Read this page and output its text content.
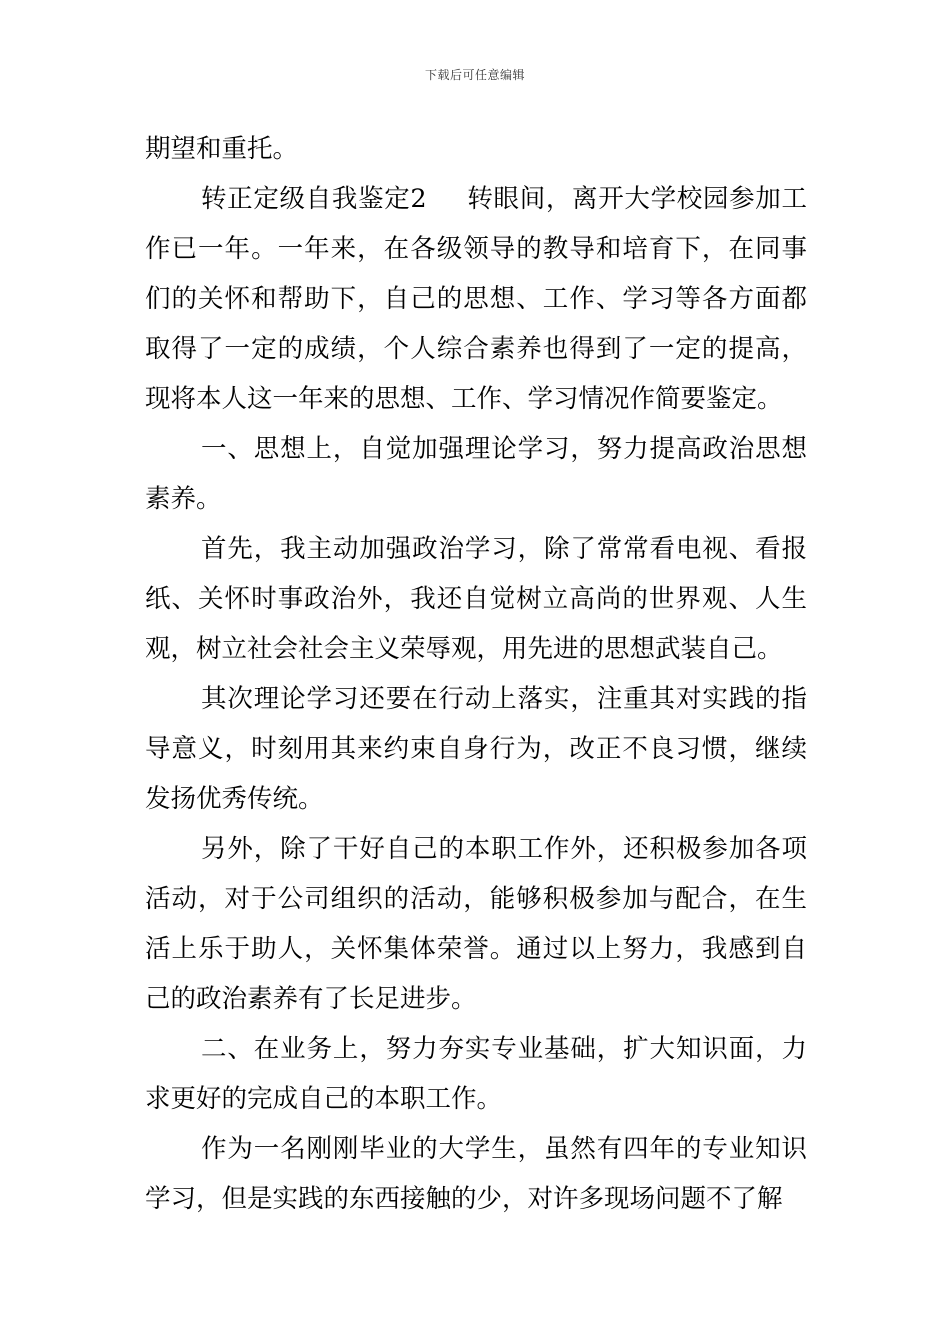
下载后可任意编辑

期望和重托。

转正定级自我鉴定2 转眼间，离开大学校园参加工作已一年。一年来，在各级领导的教导和培育下，在同事们的关怀和帮助下，自己的思想、工作、学习等各方面都取得了一定的成绩，个人综合素养也得到了一定的提高，现将本人这一年来的思想、工作、学习情况作简要鉴定。

一、思想上，自觉加强理论学习，努力提高政治思想素养。

首先，我主动加强政治学习，除了常常看电视、看报纸、关怀时事政治外，我还自觉树立高尚的世界观、人生观，树立社会社会主义荣辱观，用先进的思想武装自己。

其次理论学习还要在行动上落实，注重其对实践的指导意义，时刻用其来约束自身行为，改正不良习惯，继续发扬优秀传统。

另外，除了干好自己的本职工作外，还积极参加各项活动，对于公司组织的活动，能够积极参加与配合，在生活上乐于助人，关怀集体荣誉。通过以上努力，我感到自己的政治素养有了长足进步。

二、在业务上，努力夯实专业基础，扩大知识面，力求更好的完成自己的本职工作。

作为一名刚刚毕业的大学生，虽然有四年的专业知识学习，但是实践的东西接触的少，对许多现场问题不了解
